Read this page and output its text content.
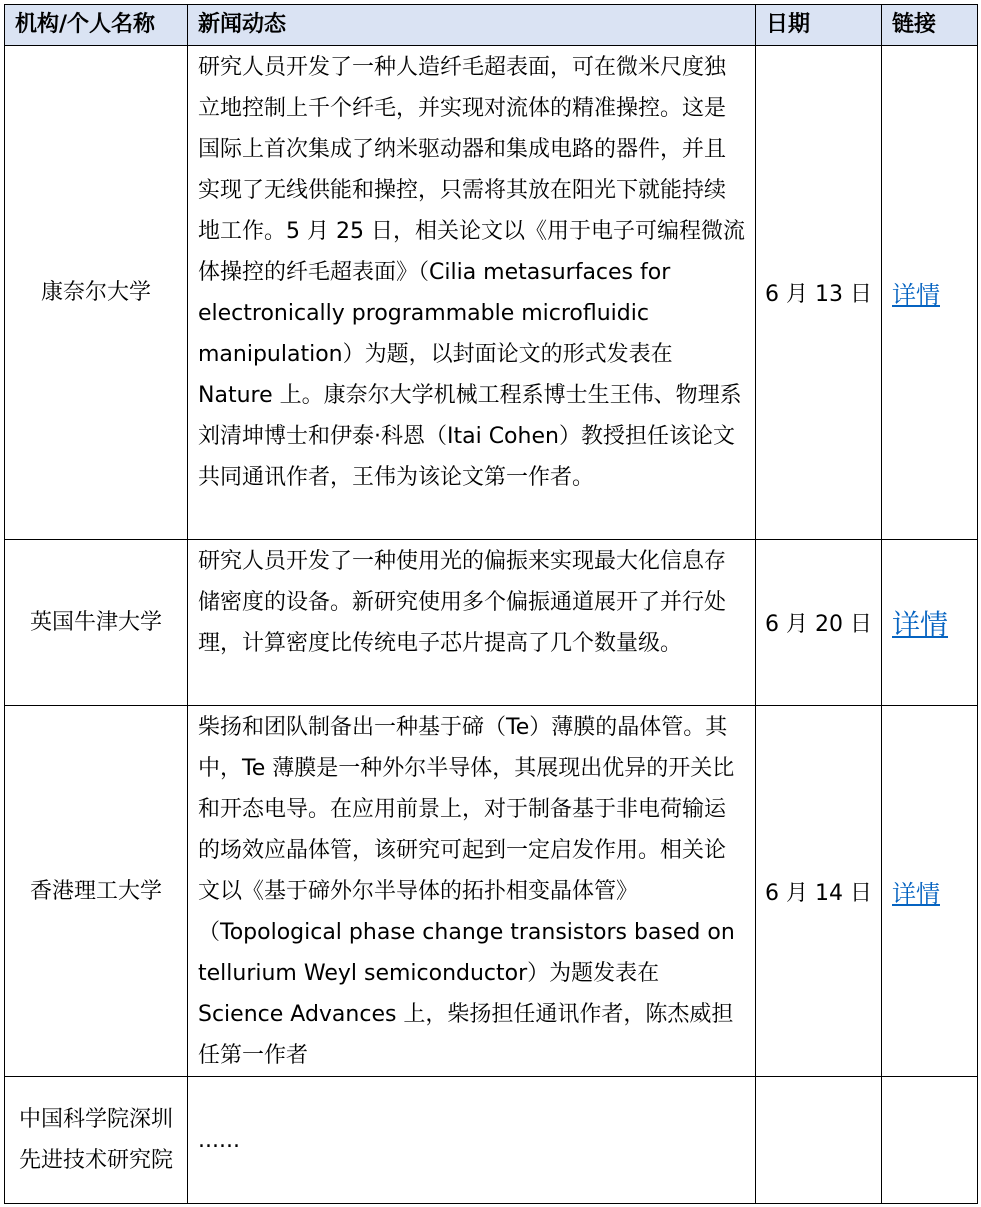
机构/个人名称	新闻动态	日期	链接
康奈尔大学	研究人员开发了一种人造纤毛超表面，可在微米尺度独立地控制上千个纤毛，并实现对流体的精准操控。这是国际上首次集成了纳米驱动器和集成电路的器件，并且实现了无线供能和操控，只需将其放在阳光下就能持续地工作。5 月 25 日，相关论文以《用于电子可编程微流体操控的纤毛超表面》（Cilia metasurfaces for electronically programmable microfluidic manipulation）为题，以封面论文的形式发表在 Nature 上。康奈尔大学机械工程系博士生王伟、物理系刘清坤博士和伊泰·科恩（Itai Cohen）教授担任该论文共同通讯作者，王伟为该论文第一作者。	6 月 13 日	详情
英国牛津大学	研究人员开发了一种使用光的偏振来实现最大化信息存储密度的设备。新研究使用多个偏振通道展开了并行处理，计算密度比传统电子芯片提高了几个数量级。	6 月 20 日	详情
香港理工大学	柴扬和团队制备出一种基于碲（Te）薄膜的晶体管。其中，Te 薄膜是一种外尔半导体，其展现出优异的开关比和开态电导。在应用前景上，对于制备基于非电荷输运的场效应晶体管，该研究可起到一定启发作用。相关论文以《基于碲外尔半导体的拓扑相变晶体管》（Topological phase change transistors based on tellurium Weyl semiconductor）为题发表在 Science Advances 上，柴扬担任通讯作者，陈杰威担任第一作者	6 月 14 日	详情
中国科学院深圳先进技术研究院	......		
